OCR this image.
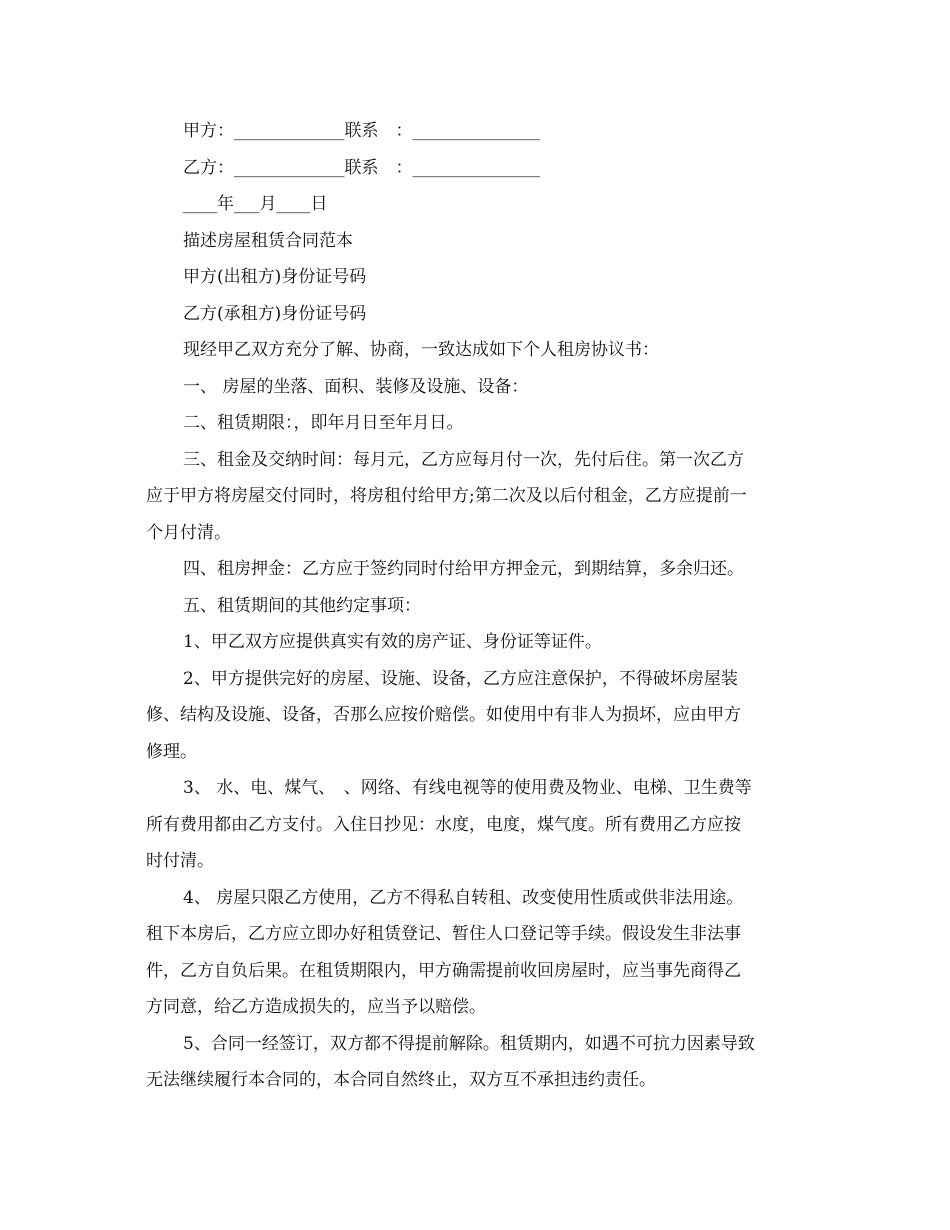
甲方：_____________联系　：_______________
乙方：_____________联系　：_______________
____年___月____日
描述房屋租赁合同范本
甲方(出租方)身份证号码
乙方(承租方)身份证号码
现经甲乙双方充分了解、协商，一致达成如下个人租房协议书：
一、 房屋的坐落、面积、装修及设施、设备：
二、租赁期限：，即年月日至年月日。
三、租金及交纳时间：每月元，乙方应每月付一次，先付后住。第一次乙方
应于甲方将房屋交付同时，将房租付给甲方;第二次及以后付租金，乙方应提前一
个月付清。
四、租房押金：乙方应于签约同时付给甲方押金元，到期结算，多余归还。
五、租赁期间的其他约定事项：
1、甲乙双方应提供真实有效的房产证、身份证等证件。
2、甲方提供完好的房屋、设施、设备，乙方应注意保护，不得破坏房屋装
修、结构及设施、设备，否那么应按价赔偿。如使用中有非人为损坏，应由甲方
修理。
3、 水、电、煤气、　、网络、有线电视等的使用费及物业、电梯、卫生费等
所有费用都由乙方支付。入住日抄见：水度，电度，煤气度。所有费用乙方应按
时付清。
4、 房屋只限乙方使用，乙方不得私自转租、改变使用性质或供非法用途。
租下本房后，乙方应立即办好租赁登记、暂住人口登记等手续。假设发生非法事
件，乙方自负后果。在租赁期限内，甲方确需提前收回房屋时，应当事先商得乙
方同意，给乙方造成损失的，应当予以赔偿。
5、合同一经签订，双方都不得提前解除。租赁期内，如遇不可抗力因素导致
无法继续履行本合同的，本合同自然终止，双方互不承担违约责任。
